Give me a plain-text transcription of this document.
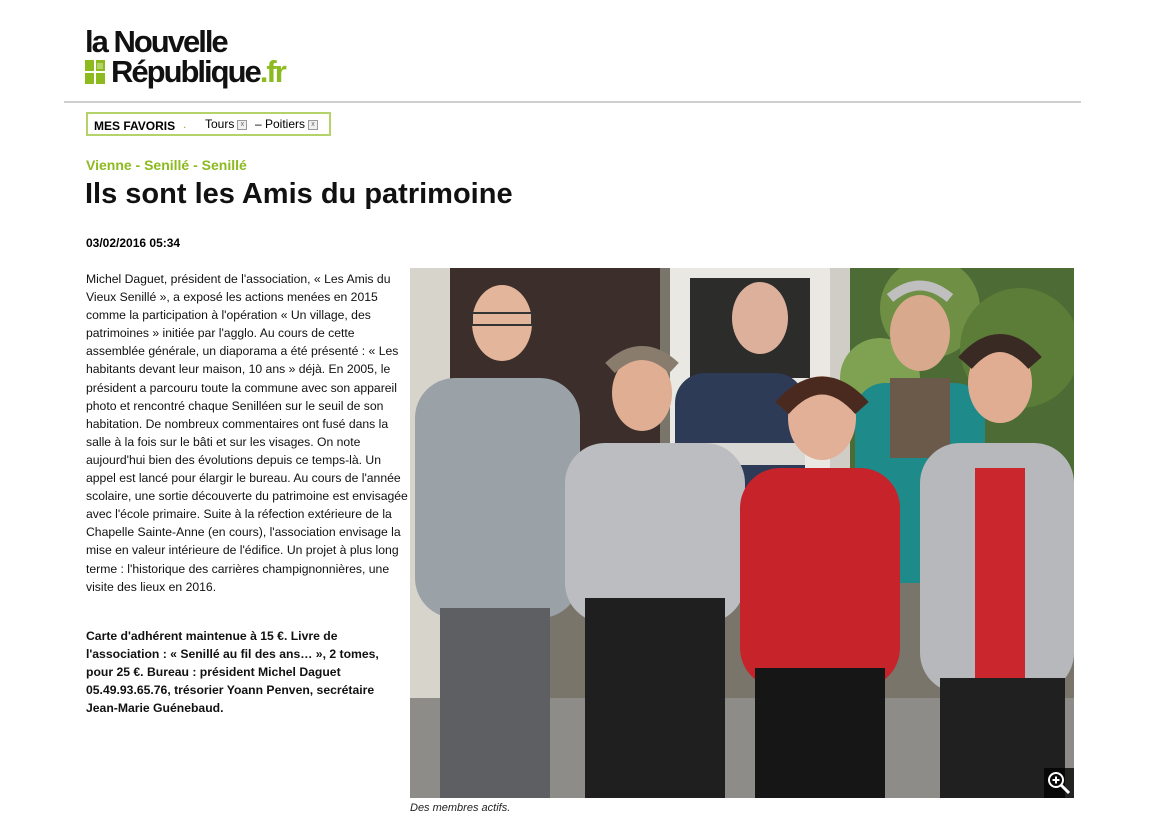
la Nouvelle
République.fr
MES FAVORIS . Tours x – Poitiers x
Vienne - Senillé - Senillé
Ils sont les Amis du patrimoine
03/02/2016 05:34

Michel Daguet, président de l'association, « Les Amis du Vieux Senillé », a exposé les actions menées en 2015 comme la participation à l'opération « Un village, des patrimoines » initiée par l'agglo. Au cours de cette assemblée générale, un diaporama a été présenté : « Les habitants devant leur maison, 10 ans » déjà. En 2005, le président a parcouru toute la commune avec son appareil photo et rencontré chaque Senilléen sur le seuil de son habitation. De nombreux commentaires ont fusé dans la salle à la fois sur le bâti et sur les visages. On note aujourd'hui bien des évolutions depuis ce temps-là. Un appel est lancé pour élargir le bureau. Au cours de l'année scolaire, une sortie découverte du patrimoine est envisagée avec l'école primaire. Suite à la réfection extérieure de la Chapelle Sainte-Anne (en cours), l'association envisage la mise en valeur intérieure de l'édifice. Un projet à plus long terme : l'historique des carrières champignonnières, une visite des lieux en 2016.

Carte d'adhérent maintenue à 15 €. Livre de l'association : « Senillé au fil des ans… », 2 tomes, pour 25 €. Bureau : président Michel Daguet 05.49.93.65.76, trésorier Yoann Penven, secrétaire Jean-Marie Guénebaud.

Des membres actifs.
